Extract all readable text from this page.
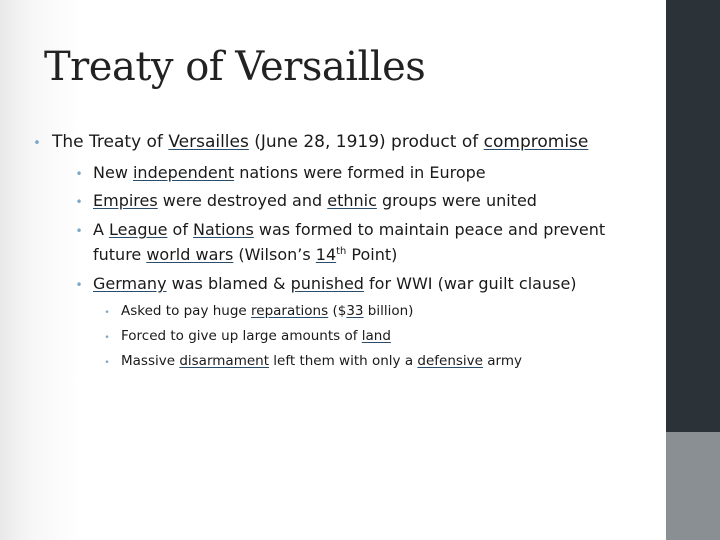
Treaty of Versailles
• The Treaty of Versailles (June 28, 1919) product of compromise
• New independent nations were formed in Europe
• Empires were destroyed and ethnic groups were united
• A League of Nations was formed to maintain peace and prevent
future world wars (Wilson’s 14th Point)
• Germany was blamed & punished for WWI (war guilt clause)
• Asked to pay huge reparations ($33 billion)
• Forced to give up large amounts of land
• Massive disarmament left them with only a defensive army
